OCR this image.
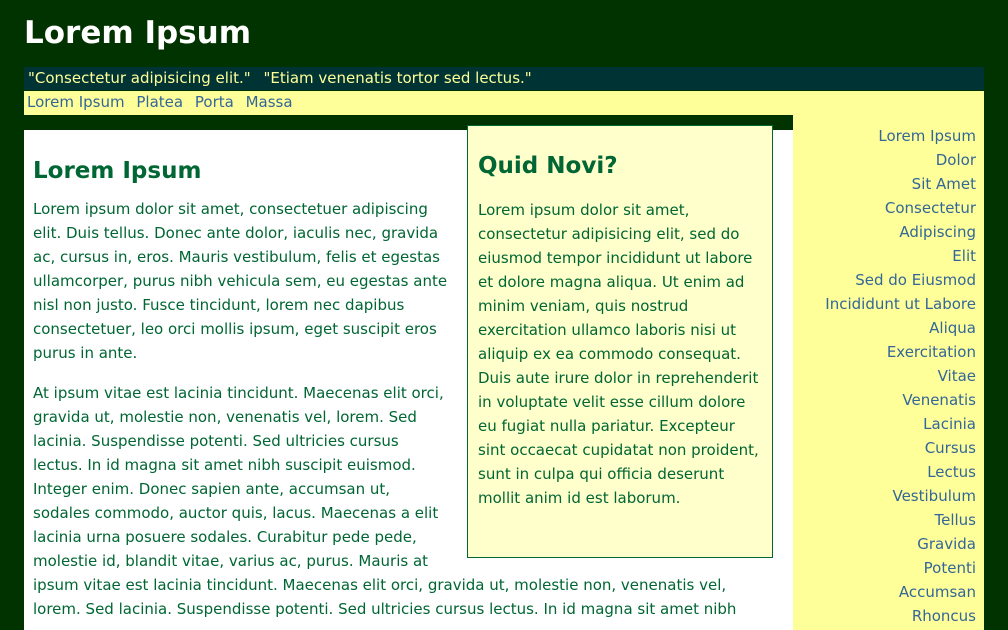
Lorem Ipsum
"Consectetur adipisicing elit." "Etiam venenatis tortor sed lectus."
Lorem Ipsum Platea Porta Massa
Lorem Ipsum

Lorem ipsum dolor sit amet, consectetuer adipiscing elit. Duis tellus. Donec ante dolor, iaculis nec, gravida ac, cursus in, eros. Mauris vestibulum, felis et egestas ullamcorper, purus nibh vehicula sem, eu egestas ante nisl non justo. Fusce tincidunt, lorem nec dapibus consectetuer, leo orci mollis ipsum, eget suscipit eros purus in ante.

At ipsum vitae est lacinia tincidunt. Maecenas elit orci, gravida ut, molestie non, venenatis vel, lorem. Sed lacinia. Suspendisse potenti. Sed ultricies cursus lectus. In id magna sit amet nibh suscipit euismod. Integer enim. Donec sapien ante, accumsan ut, sodales commodo, auctor quis, lacus. Maecenas a elit lacinia urna posuere sodales. Curabitur pede pede, molestie id, blandit vitae, varius ac, purus. Mauris at ipsum vitae est lacinia tincidunt. Maecenas elit orci, gravida ut, molestie non, venenatis vel, lorem. Sed lacinia. Suspendisse potenti. Sed ultricies cursus lectus. In id magna sit amet nibh

Quid Novi?

Lorem ipsum dolor sit amet, consectetur adipisicing elit, sed do eiusmod tempor incididunt ut labore et dolore magna aliqua. Ut enim ad minim veniam, quis nostrud exercitation ullamco laboris nisi ut aliquip ex ea commodo consequat. Duis aute irure dolor in reprehenderit in voluptate velit esse cillum dolore eu fugiat nulla pariatur. Excepteur sint occaecat cupidatat non proident, sunt in culpa qui officia deserunt mollit anim id est laborum.

Lorem Ipsum
Dolor
Sit Amet
Consectetur
Adipiscing
Elit
Sed do Eiusmod
Incididunt ut Labore
Aliqua
Exercitation
Vitae
Venenatis
Lacinia
Cursus
Lectus
Vestibulum
Tellus
Gravida
Potenti
Accumsan
Rhoncus
